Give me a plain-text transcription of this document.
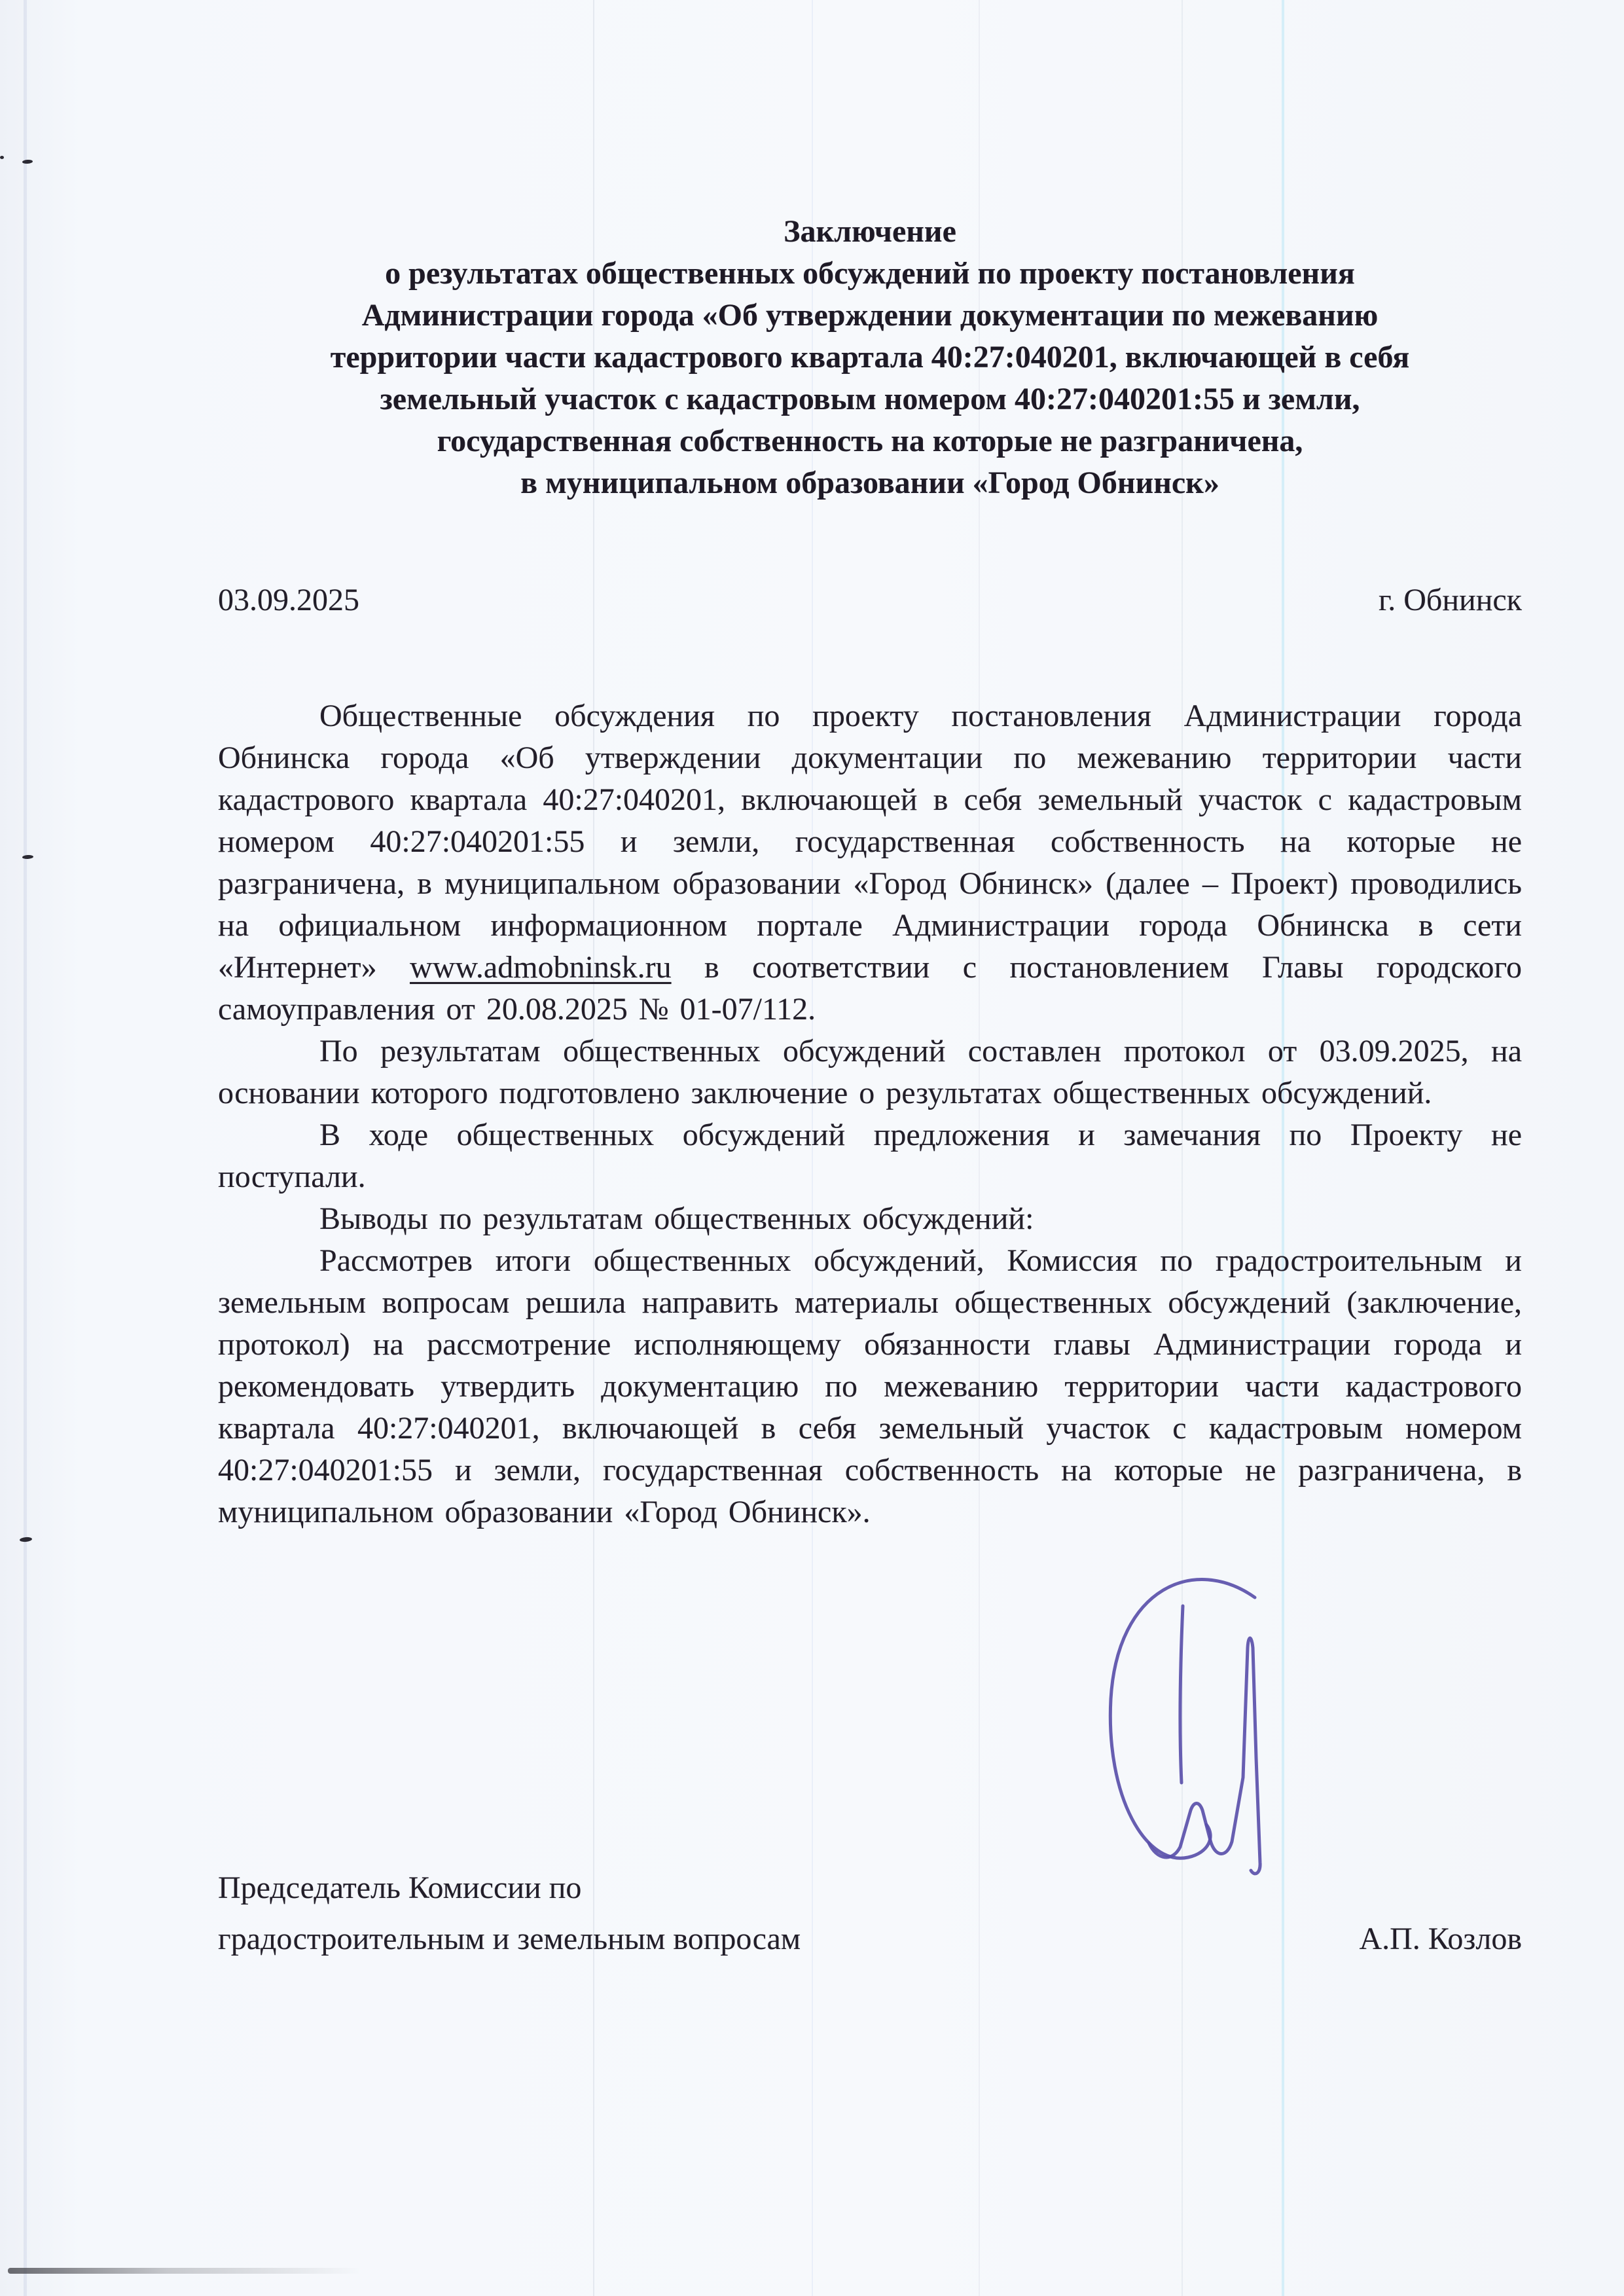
Заключение
о результатах общественных обсуждений по проекту постановления
Администрации города «Об утверждении документации по межеванию
территории части кадастрового квартала 40:27:040201, включающей в себя
земельный участок с кадастровым номером 40:27:040201:55 и земли,
государственная собственность на которые не разграничена,
в муниципальном образовании «Город Обнинск»
03.09.2025	г. Обнинск

Общественные обсуждения по проекту постановления Администрации города Обнинска города «Об утверждении документации по межеванию территории части кадастрового квартала 40:27:040201, включающей в себя земельный участок с кадастровым номером 40:27:040201:55 и земли, государственная собственность на которые не разграничена, в муниципальном образовании «Город Обнинск» (далее – Проект) проводились на официальном информационном портале Администрации города Обнинска в сети «Интернет» www.admobninsk.ru в соответствии с постановлением Главы городского самоуправления от 20.08.2025 № 01-07/112.

По результатам общественных обсуждений составлен протокол от 03.09.2025, на основании которого подготовлено заключение о результатах общественных обсуждений.

В ходе общественных обсуждений предложения и замечания по Проекту не поступали.

Выводы по результатам общественных обсуждений:

Рассмотрев итоги общественных обсуждений, Комиссия по градостроительным и земельным вопросам решила направить материалы общественных обсуждений (заключение, протокол) на рассмотрение исполняющему обязанности главы Администрации города и рекомендовать утвердить документацию по межеванию территории части кадастрового квартала 40:27:040201, включающей в себя земельный участок с кадастровым номером 40:27:040201:55 и земли, государственная собственность на которые не разграничена, в муниципальном образовании «Город Обнинск».

Председатель Комиссии по
градостроительным и земельным вопросам	А.П. Козлов
